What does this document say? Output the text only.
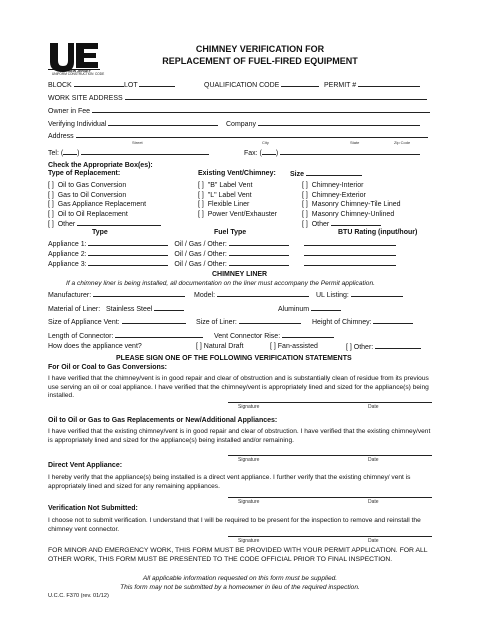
NEW JERSEY
UNIFORM CONSTRUCTION CODE
CHIMNEY VERIFICATION FOR
REPLACEMENT OF FUEL-FIRED EQUIPMENT
BLOCK	LOT	QUALIFICATION CODE	PERMIT #
WORK SITE ADDRESS
Owner in Fee
Verifying Individual	Company
Address
Street	City	State	Zip Code
Tel: ( )	Fax: ( )
Check the Appropriate Box(es):
Type of Replacement:	Existing Vent/Chimney: Size
[ ] Oil to Gas Conversion
[ ] Gas to Oil Conversion
[ ] Gas Appliance Replacement
[ ] Oil to Oil Replacement
[ ] Other
[ ] "B" Label Vent
[ ] "L" Label Vent
[ ] Flexible Liner
[ ] Power Vent/Exhauster
[ ] Chimney-Interior
[ ] Chimney-Exterior
[ ] Masonry Chimney-Tile Lined
[ ] Masonry Chimney-Unlined
[ ] Other
Type	Fuel Type	BTU Rating (input/hour)
Appliance 1:	Oil / Gas / Other:
Appliance 2:	Oil / Gas / Other:
Appliance 3:	Oil / Gas / Other:
CHIMNEY LINER
If a chimney liner is being installed, all documentation on the liner must accompany the Permit application.
Manufacturer:	Model:	UL Listing:
Material of Liner: Stainless Steel	Aluminum
Size of Appliance Vent:	Size of Liner:	Height of Chimney:
Length of Connector:	Vent Connector Rise:
How does the appliance vent?	[ ] Natural Draft	[ ] Fan-assisted	[ ] Other:
PLEASE SIGN ONE OF THE FOLLOWING VERIFICATION STATEMENTS
For Oil or Coal to Gas Conversions:
I have verified that the chimney/vent is in good repair and clear of obstruction and is substantially clean of residue from its previous use serving an oil or coal appliance. I have verified that the chimney/vent is appropriately lined and sized for the appliance(s) being installed.
Signature	Date
Oil to Oil or Gas to Gas Replacements or New/Additional Appliances:
I have verified that the existing chimney/vent is in good repair and clear of obstruction. I have verified that the existing chimney/vent is appropriately lined and sized for the appliance(s) being installed and/or remaining.
Signature	Date
Direct Vent Appliance:
I hereby verify that the appliance(s) being installed is a direct vent appliance. I further verify that the existing chimney/ vent is appropriately lined and sized for any remaining appliances.
Signature	Date
Verification Not Submitted:
I choose not to submit verification. I understand that I will be required to be present for the inspection to remove and reinstall the chimney vent connector.
Signature	Date
FOR MINOR AND EMERGENCY WORK, THIS FORM MUST BE PROVIDED WITH YOUR PERMIT APPLICATION. FOR ALL OTHER WORK, THIS FORM MUST BE PRESENTED TO THE CODE OFFICIAL PRIOR TO FINAL INSPECTION.
All applicable information requested on this form must be supplied.
This form may not be submitted by a homeowner in lieu of the required inspection.
U.C.C. F370 (rev. 01/12)
